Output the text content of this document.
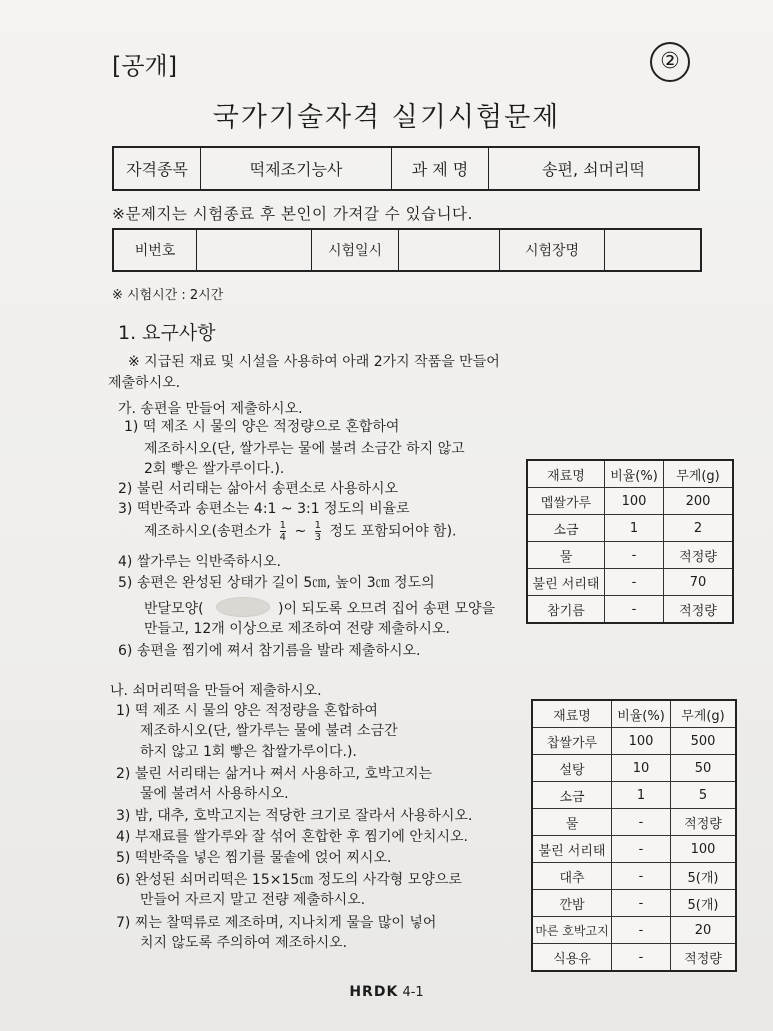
[공개]	②
국가기술자격 실기시험문제
자격종목	떡제조기능사	과 제 명	송편, 쇠머리떡
※문제지는 시험종료 후 본인이 가져갈 수 있습니다.
비번호		시험일시		시험장명	
※ 시험시간 : 2시간
1. 요구사항
※ 지급된 재료 및 시설을 사용하여 아래 2가지 작품을 만들어
제출하시오.
가. 송편을 만들어 제출하시오.
1) 떡 제조 시 물의 양은 적정량으로 혼합하여
제조하시오(단, 쌀가루는 물에 불려 소금간 하지 않고
2회 빻은 쌀가루이다.).
2) 불린 서리태는 삶아서 송편소로 사용하시오
3) 떡반죽과 송편소는 4:1 ~ 3:1 정도의 비율로
제조하시오(송편소가 $\frac{1}{4}$ ~ $\frac{1}{3}$ 정도 포함되어야 함).
4) 쌀가루는 익반죽하시오.
5) 송편은 완성된 상태가 길이 5㎝, 높이 3㎝ 정도의
반달모양(	)이 되도록 오므려 집어 송편 모양을
만들고, 12개 이상으로 제조하여 전량 제출하시오.
6) 송편을 찜기에 쪄서 참기름을 발라 제출하시오.
재료명	비율(%)	무게(g)
멥쌀가루	100	200
소금	1	2
물	-	적정량
불린 서리태	-	70
참기름	-	적정량
나. 쇠머리떡을 만들어 제출하시오.
1) 떡 제조 시 물의 양은 적정량을 혼합하여
제조하시오(단, 쌀가루는 물에 불려 소금간
하지 않고 1회 빻은 찹쌀가루이다.).
2) 불린 서리태는 삶거나 쪄서 사용하고, 호박고지는
물에 불려서 사용하시오.
3) 밤, 대추, 호박고지는 적당한 크기로 잘라서 사용하시오.
4) 부재료를 쌀가루와 잘 섞어 혼합한 후 찜기에 안치시오.
5) 떡반죽을 넣은 찜기를 물솥에 얹어 찌시오.
6) 완성된 쇠머리떡은 15×15㎝ 정도의 사각형 모양으로
만들어 자르지 말고 전량 제출하시오.
7) 찌는 찰떡류로 제조하며, 지나치게 물을 많이 넣어
치지 않도록 주의하여 제조하시오.
재료명	비율(%)	무게(g)
찹쌀가루	100	500
설탕	10	50
소금	1	5
물	-	적정량
불린 서리태	-	100
대추	-	5(개)
깐밤	-	5(개)
마른 호박고지	-	20
식용유	-	적정량
HRDK 4-1
